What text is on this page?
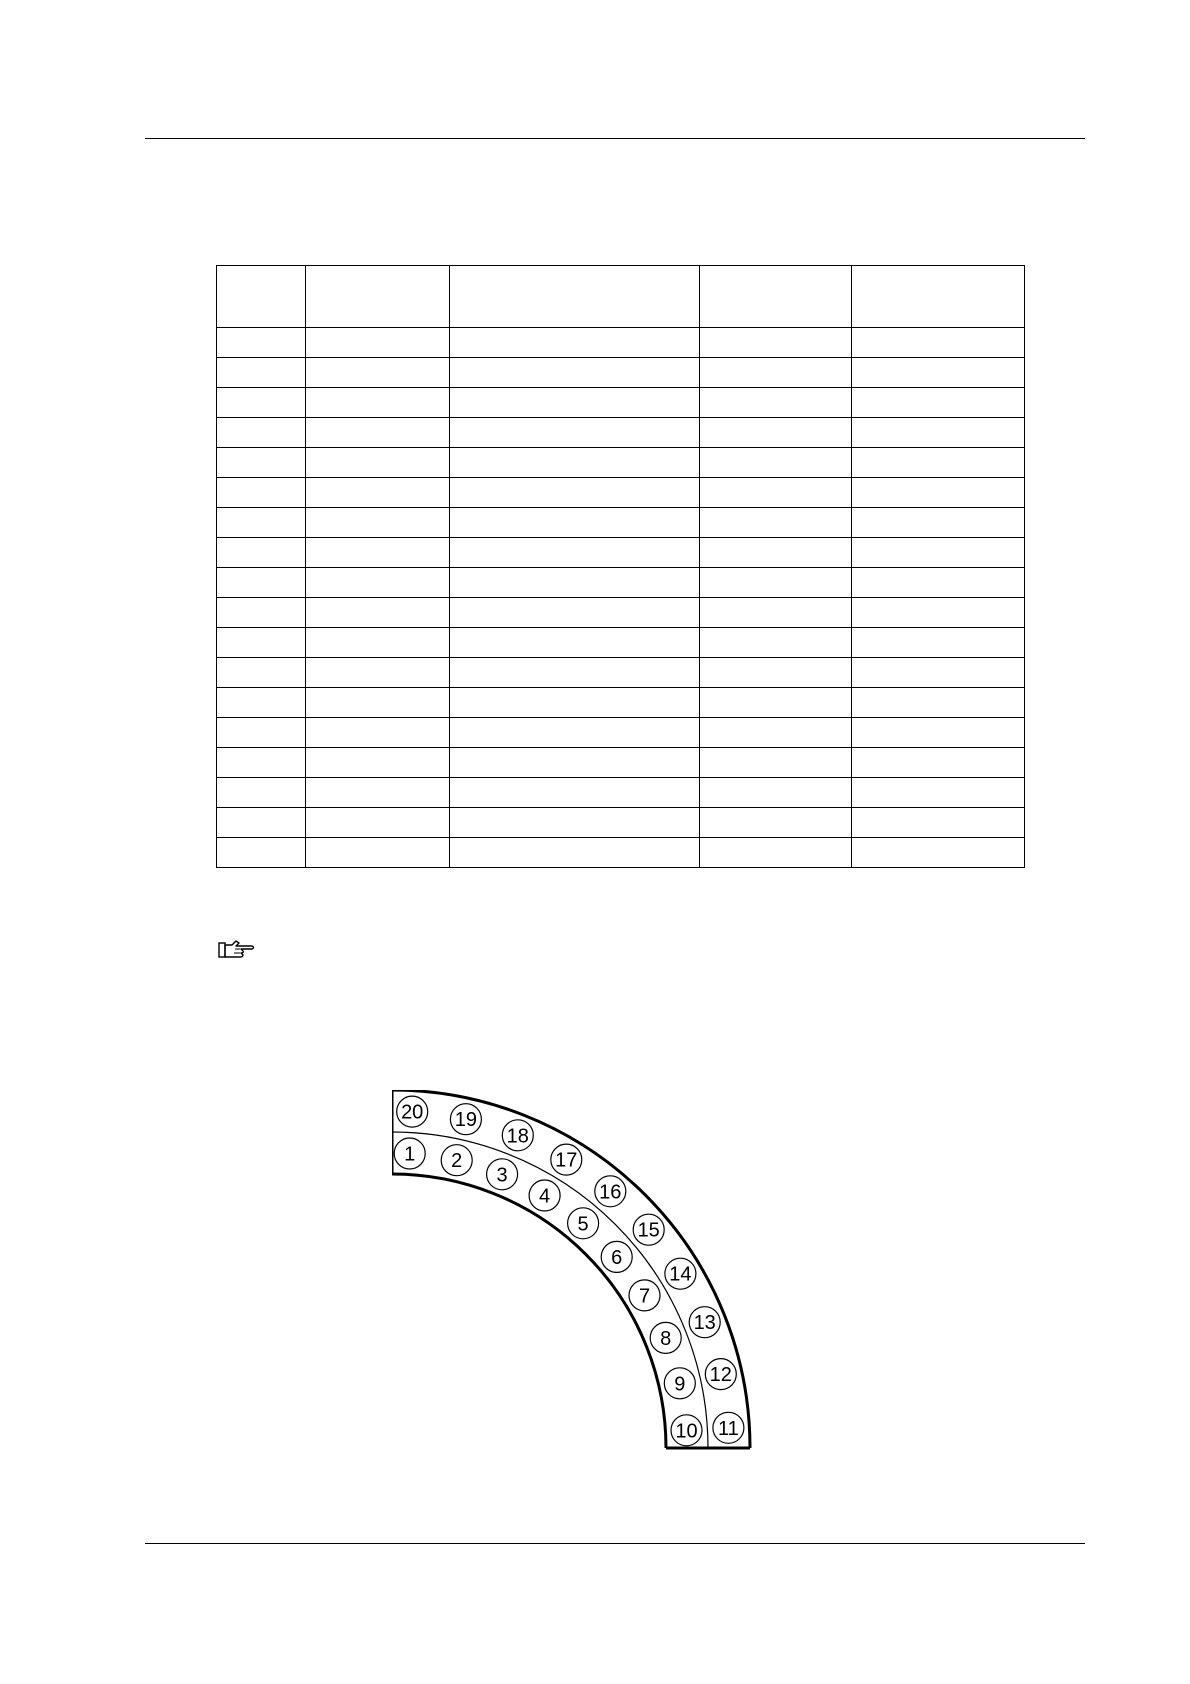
1 2
3
4
5
6
7
8
9
10 11
12
13
14
15
16
17
18
19
20
